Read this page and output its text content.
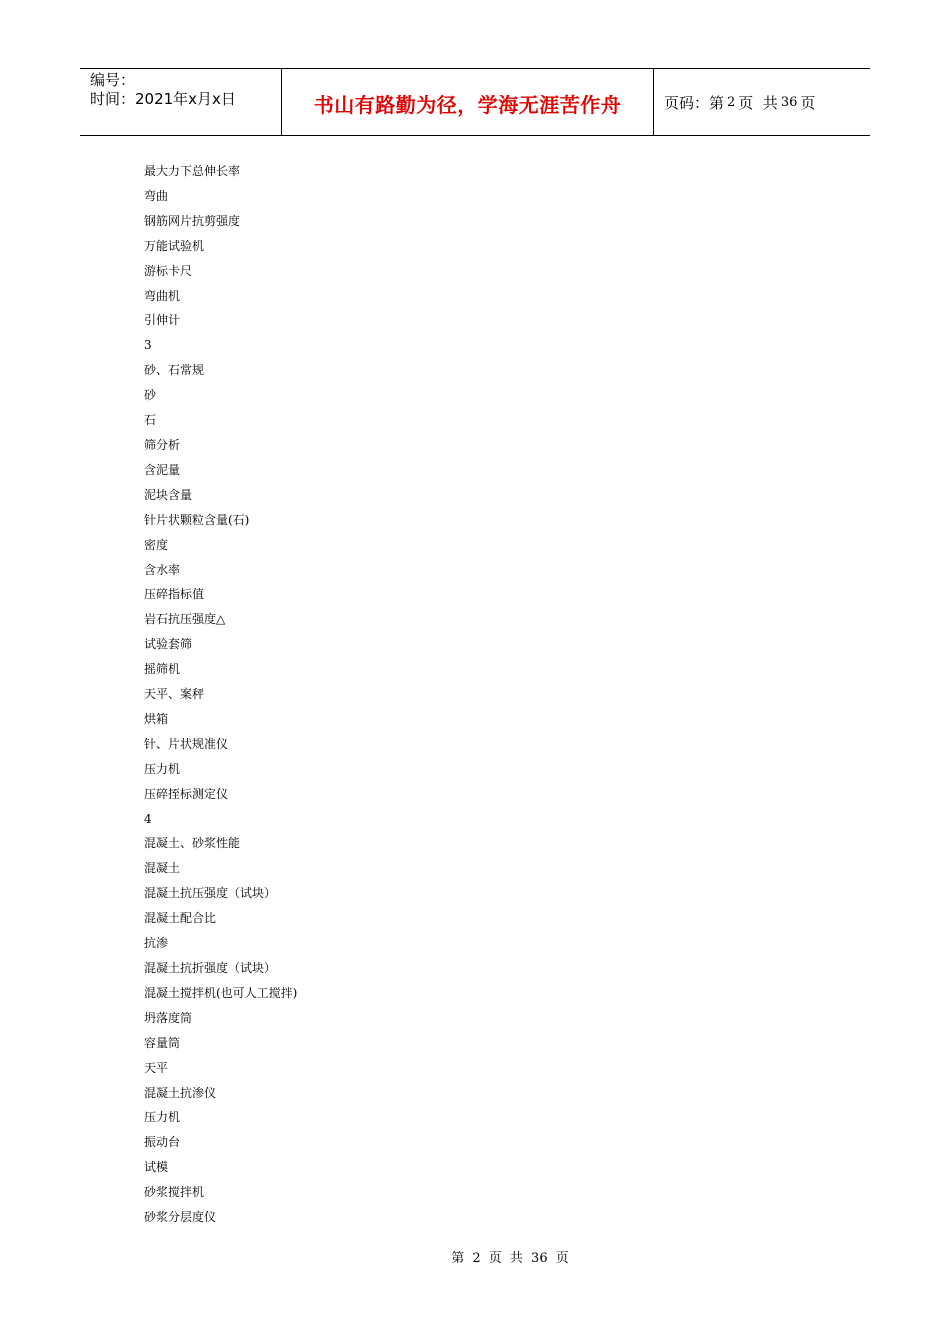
编号：
时间：2021年x月x日	书山有路勤为径，学海无涯苦作舟	页码：第 2 页  共 36 页
最大力下总伸长率
弯曲
钢筋网片抗剪强度
万能试验机
游标卡尺
弯曲机
引伸计
3
砂、石常规
砂
石
筛分析
含泥量
泥块含量
针片状颗粒含量(石)
密度
含水率
压碎指标值
岩石抗压强度△
试验套筛
摇筛机
天平、案秤
烘箱
针、片状规准仪
压力机
压碎挃标测定仪
4
混凝土、砂浆性能
混凝土
混凝土抗压强度（试块）
混凝土配合比
抗渗
混凝土抗折强度（试块）
混凝土搅拌机(也可人工搅拌)
坍落度筒
容量筒
天平
混凝土抗渗仪
压力机
振动台
试模
砂浆搅拌机
砂浆分层度仪
第 2 页 共 36 页
